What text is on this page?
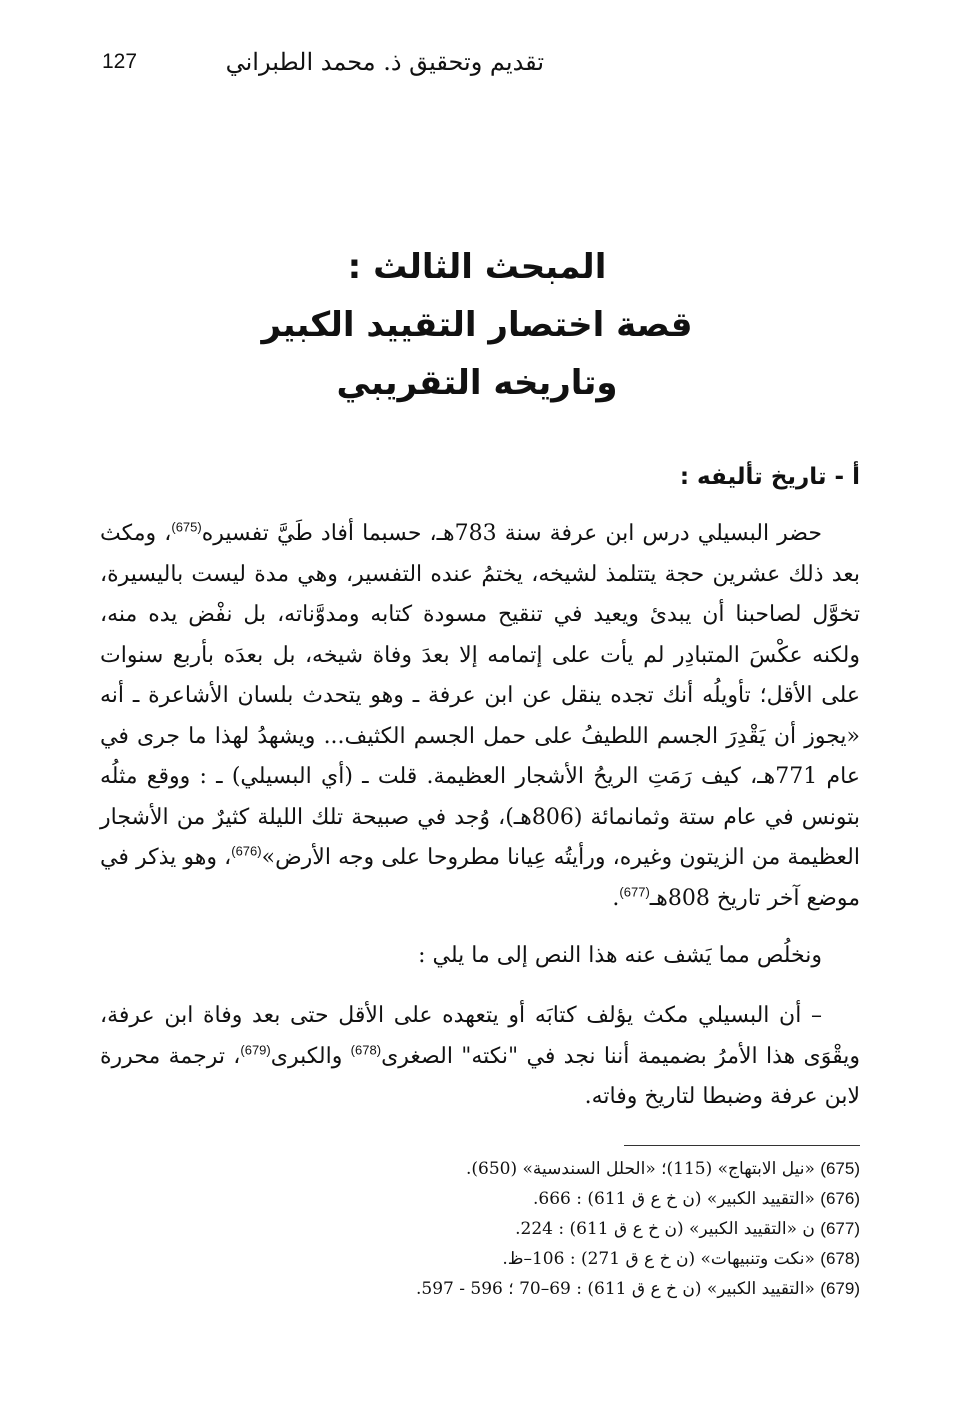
تقديم وتحقيق ذ. محمد الطبراني
127
المبحث الثالث :
قصة اختصار التقييد الكبير
وتاريخه التقريبي
أ - تاريخ تأليفه :

حضر البسيلي درس ابن عرفة سنة 783هـ، حسبما أفاد طَيَّ تفسيره$^{(675)}$، ومكث بعد ذلك عشرين حجة يتتلمذ لشيخه، يختمُ عنده التفسير، وهي مدة ليست باليسيرة، تخوَّل لصاحبنا أن يبدئ ويعيد في تنقيح مسودة كتابه ومدوَّناته، بل نفْض يده منه، ولكنه عكْسَ المتبادِر لم يأت على إتمامه إلا بعدَ وفاة شيخه، بل بعدَه بأربع سنوات على الأقل؛ تأويلُه أنك تجده ينقل عن ابن عرفة ـ وهو يتحدث بلسان الأشاعرة ـ أنه «يجوز أن يَقْدِرَ الجسم اللطيفُ على حمل الجسم الكثيف... ويشهدُ لهذا ما جرى في عام 771هـ، كيف رَمَتِ الريحُ الأشجار العظيمة. قلت ـ (أي البسيلي) ـ : ووقع مثلُه بتونس في عام ستة وثمانمائة (806هـ)، وُجد في صبيحة تلك الليلة كثيرٌ من الأشجار العظيمة من الزيتون وغيره، ورأيتُه عِيانا مطروحا على وجه الأرض»$^{(676)}$، وهو يذكر في موضع آخر تاريخ 808هـ$^{(677)}$.

ونخلُص مما يَشف عنه هذا النص إلى ما يلي :

– أن البسيلي مكث يؤلف كتابَه أو يتعهده على الأقل حتى بعد وفاة ابن عرفة، ويقْوَى هذا الأمرُ بضميمة أننا نجد في "نكته" الصغرى$^{(678)}$ والكبرى$^{(679)}$، ترجمة محررة لابن عرفة وضبطا لتاريخ وفاته.

(675) «نيل الابتهاج» (115)؛ «الحلل السندسية» (650).
(676) «التقييد الكبير» (ن خ ع ق 611) : 666.
(677) ن «التقييد الكبير» (ن خ ع ق 611) : 224.
(678) «نكت وتنبيهات» (ن خ ع ق 271) : 106–ظ.
(679) «التقييد الكبير» (ن خ ع ق 611) : 69–70 ؛ 596 - 597.
